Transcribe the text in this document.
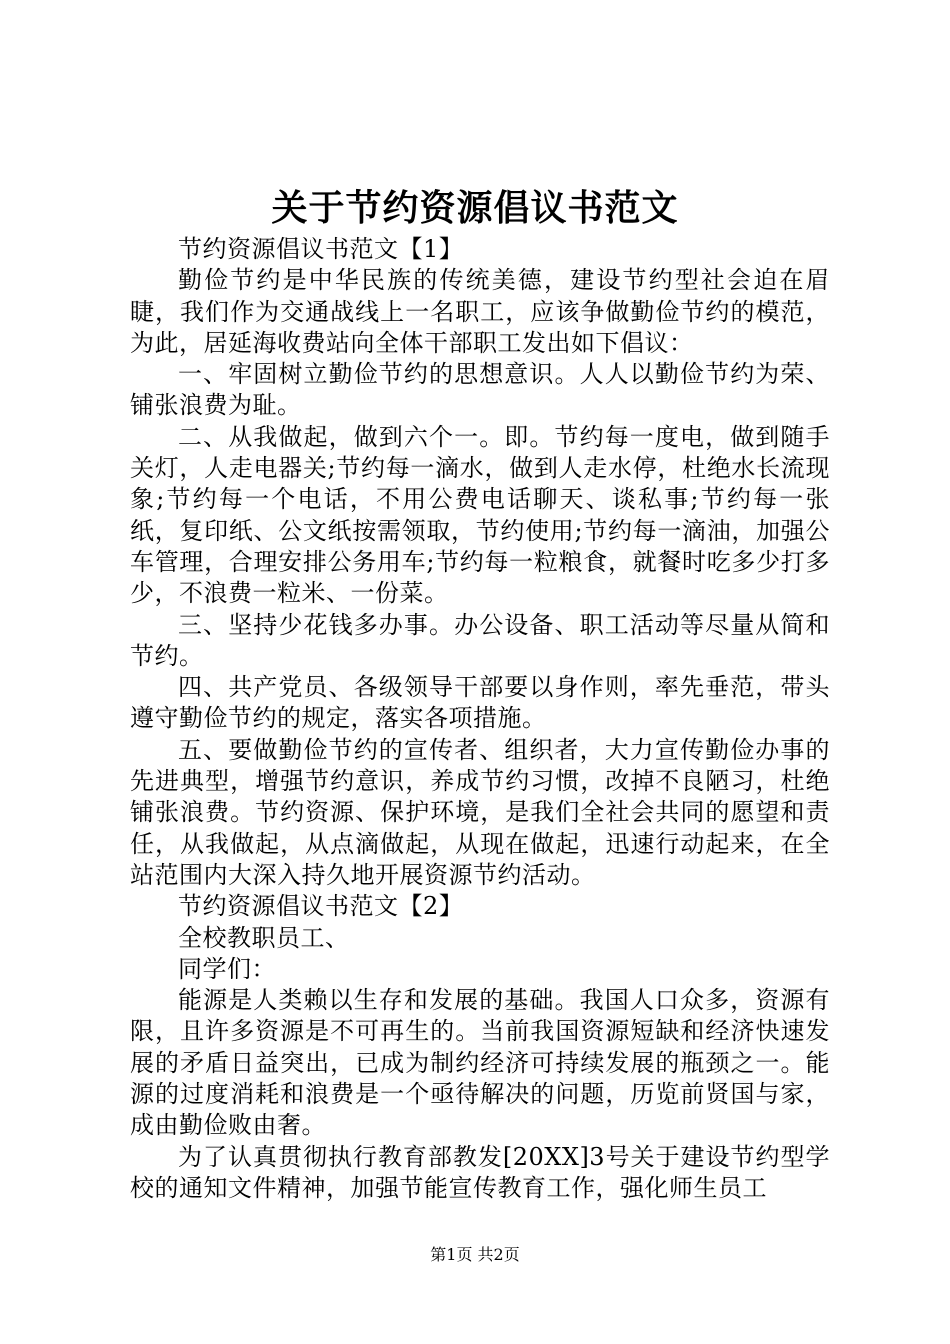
关于节约资源倡议书范文

节约资源倡议书范文【1】

勤俭节约是中华民族的传统美德，建设节约型社会迫在眉睫，我们作为交通战线上一名职工，应该争做勤俭节约的模范，为此，居延海收费站向全体干部职工发出如下倡议：

一、牢固树立勤俭节约的思想意识。人人以勤俭节约为荣、铺张浪费为耻。

二、从我做起，做到六个一。即。节约每一度电，做到随手关灯，人走电器关;节约每一滴水，做到人走水停，杜绝水长流现象;节约每一个电话，不用公费电话聊天、谈私事;节约每一张纸，复印纸、公文纸按需领取，节约使用;节约每一滴油，加强公车管理，合理安排公务用车;节约每一粒粮食，就餐时吃多少打多少，不浪费一粒米、一份菜。

三、坚持少花钱多办事。办公设备、职工活动等尽量从简和节约。

四、共产党员、各级领导干部要以身作则，率先垂范，带头遵守勤俭节约的规定，落实各项措施。

五、要做勤俭节约的宣传者、组织者，大力宣传勤俭办事的先进典型，增强节约意识，养成节约习惯，改掉不良陋习，杜绝铺张浪费。节约资源、保护环境，是我们全社会共同的愿望和责任，从我做起，从点滴做起，从现在做起，迅速行动起来，在全站范围内大深入持久地开展资源节约活动。

节约资源倡议书范文【2】

全校教职员工、

同学们：

能源是人类赖以生存和发展的基础。我国人口众多，资源有限，且许多资源是不可再生的。当前我国资源短缺和经济快速发展的矛盾日益突出，已成为制约经济可持续发展的瓶颈之一。能源的过度消耗和浪费是一个亟待解决的问题，历览前贤国与家，成由勤俭败由奢。

为了认真贯彻执行教育部教发[20XX]3号关于建设节约型学校的通知文件精神，加强节能宣传教育工作，强化师生员工

第1页 共2页
